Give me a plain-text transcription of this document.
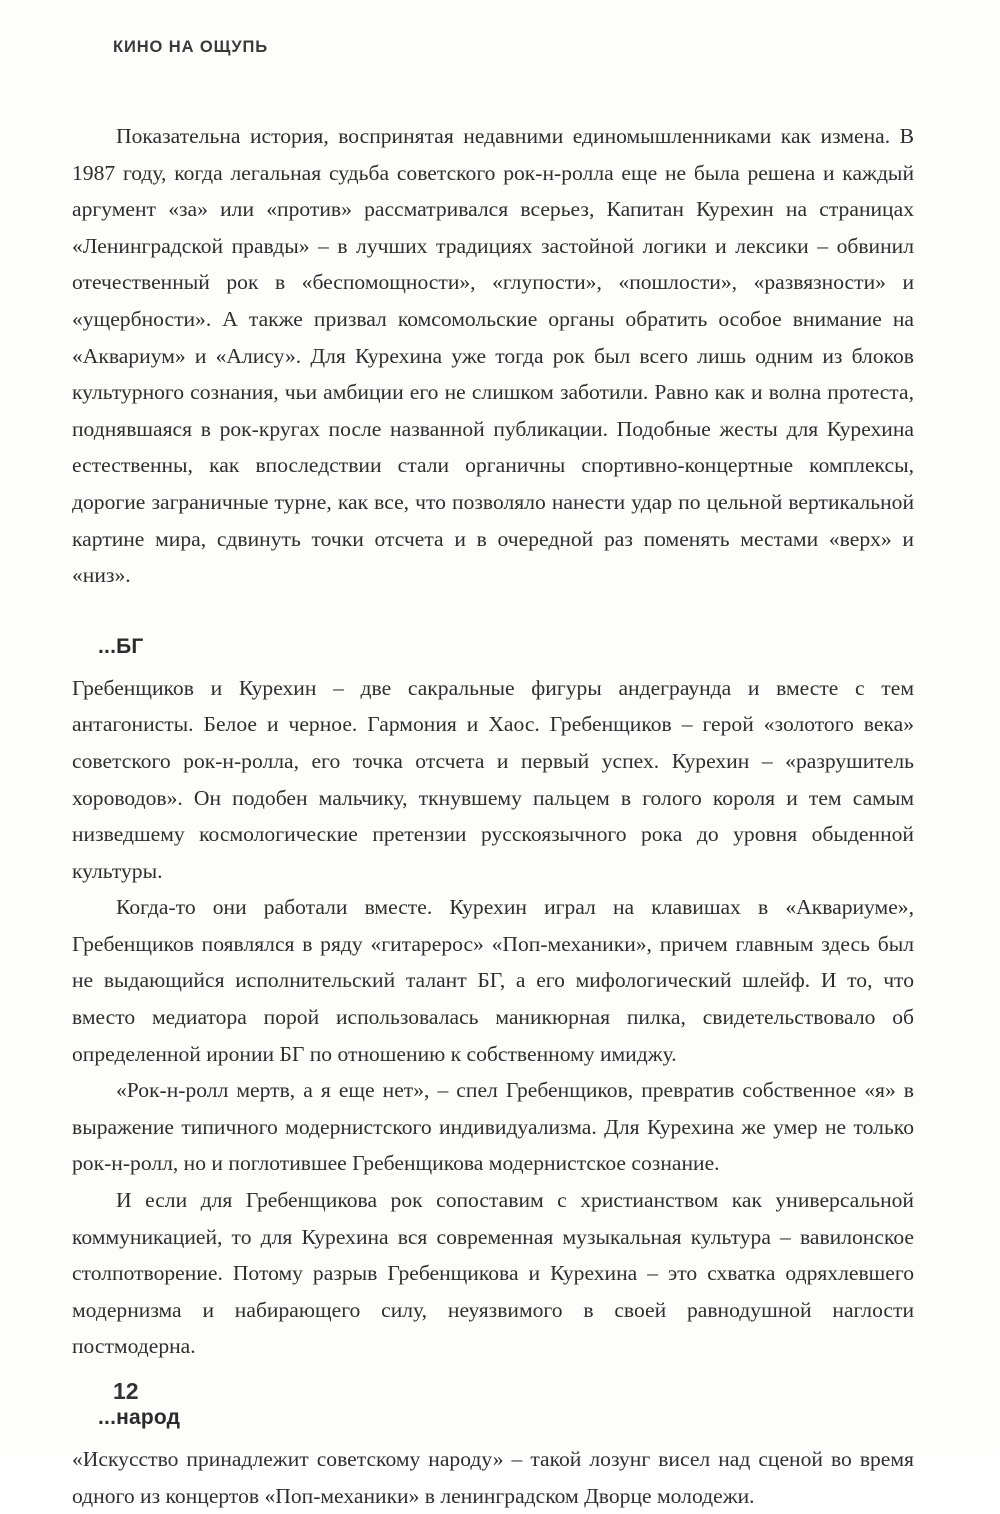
КИНО НА ОЩУПЬ

Показательна история, воспринятая недавними единомышленниками как измена. В 1987 году, когда легальная судьба советского рок-н-ролла еще не была решена и каждый аргумент «за» или «против» рассматривался всерьез, Капитан Курехин на страницах «Ленинградской правды» – в лучших традициях застойной логики и лексики – обвинил отечественный рок в «беспомощности», «глупости», «пошлости», «развязности» и «ущербности». А также призвал комсомольские органы обратить особое внимание на «Аквариум» и «Алису». Для Курехина уже тогда рок был всего лишь одним из блоков культурного сознания, чьи амбиции его не слишком заботили. Равно как и волна протеста, поднявшаяся в рок-кругах после названной публикации. Подобные жесты для Курехина естественны, как впоследствии стали органичны спортивно-концертные комплексы, дорогие заграничные турне, как все, что позволяло нанести удар по цельной вертикальной картине мира, сдвинуть точки отсчета и в очередной раз поменять местами «верх» и «низ».

...БГ

Гребенщиков и Курехин – две сакральные фигуры андеграунда и вместе с тем антагонисты. Белое и черное. Гармония и Хаос. Гребенщиков – герой «золотого века» советского рок-н-ролла, его точка отсчета и первый успех. Курехин – «разрушитель хороводов». Он подобен мальчику, ткнувшему пальцем в голого короля и тем самым низведшему космологические претензии русскоязычного рока до уровня обыденной культуры.

Когда-то они работали вместе. Курехин играл на клавишах в «Аквариуме», Гребенщиков появлялся в ряду «гитарерос» «Поп-механики», причем главным здесь был не выдающийся исполнительский талант БГ, а его мифологический шлейф. И то, что вместо медиатора порой использовалась маникюрная пилка, свидетельствовало об определенной иронии БГ по отношению к собственному имиджу.

«Рок-н-ролл мертв, а я еще нет», – спел Гребенщиков, превратив собственное «я» в выражение типичного модернистского индивидуализма. Для Курехина же умер не только рок-н-ролл, но и поглотившее Гребенщикова модернистское сознание.

И если для Гребенщикова рок сопоставим с христианством как универсальной коммуникацией, то для Курехина вся современная музыкальная культура – вавилонское столпотворение. Потому разрыв Гребенщикова и Курехина – это схватка одряхлевшего модернизма и набирающего силу, неуязвимого в своей равнодушной наглости постмодерна.

...народ

«Искусство принадлежит советскому народу» – такой лозунг висел над сценой во время одного из концертов «Поп-механики» в ленинградском Дворце молодежи.

12
